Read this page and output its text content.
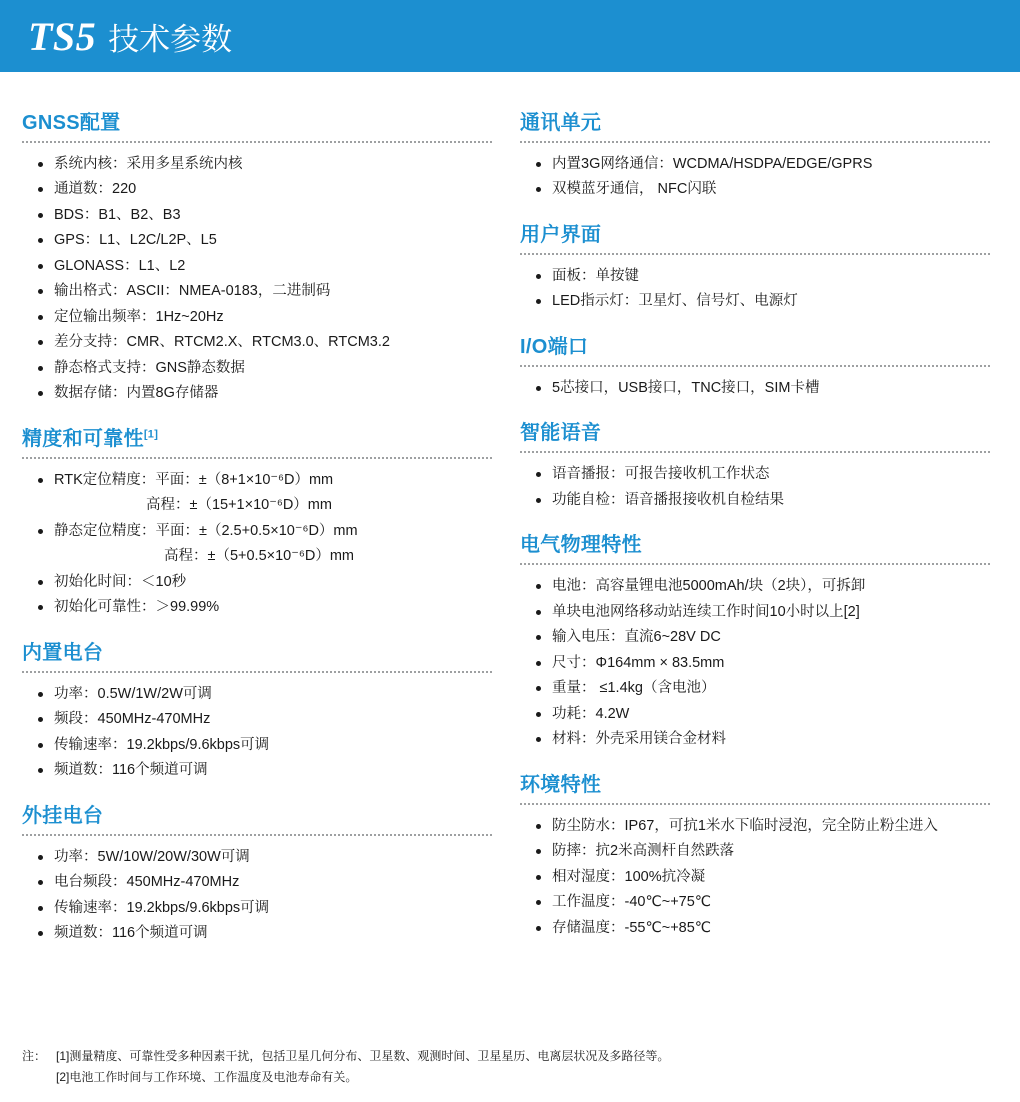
TS5 技术参数
GNSS配置
系统内核：采用多星系统内核
通道数：220
BDS：B1、B2、B3
GPS：L1、L2C/L2P、L5
GLONASS：L1、L2
输出格式：ASCII：NMEA-0183，二进制码
定位输出频率：1Hz~20Hz
差分支持：CMR、RTCM2.X、RTCM3.0、RTCM3.2
静态格式支持：GNS静态数据
数据存储：内置8G存储器
精度和可靠性[1]
RTK定位精度：平面：±（8+1×10⁻⁶D）mm
高程：±（15+1×10⁻⁶D）mm
静态定位精度：平面：±（2.5+0.5×10⁻⁶D）mm
高程：±（5+0.5×10⁻⁶D）mm
初始化时间：＜10秒
初始化可靠性：＞99.99%
内置电台
功率：0.5W/1W/2W可调
频段：450MHz-470MHz
传输速率：19.2kbps/9.6kbps可调
频道数：116个频道可调
外挂电台
功率：5W/10W/20W/30W可调
电台频段：450MHz-470MHz
传输速率：19.2kbps/9.6kbps可调
频道数：116个频道可调
通讯单元
内置3G网络通信：WCDMA/HSDPA/EDGE/GPRS
双模蓝牙通信， NFC闪联
用户界面
面板：单按键
LED指示灯：卫星灯、信号灯、电源灯
I/O端口
5芯接口，USB接口，TNC接口，SIM卡槽
智能语音
语音播报：可报告接收机工作状态
功能自检：语音播报接收机自检结果
电气物理特性
电池：高容量锂电池5000mAh/块（2块），可拆卸
单块电池网络移动站连续工作时间10小时以上[2]
输入电压：直流6~28V DC
尺寸：Φ164mm × 83.5mm
重量： ≤1.4kg（含电池）
功耗：4.2W
材料：外壳采用镁合金材料
环境特性
防尘防水：IP67，可抗1米水下临时浸泡，完全防止粉尘进入
防摔：抗2米高测杆自然跌落
相对湿度：100%抗冷凝
工作温度：-40℃~+75℃
存储温度：-55℃~+85℃
注： [1]测量精度、可靠性受多种因素干扰，包括卫星几何分布、卫星数、观测时间、卫星星历、电离层状况及多路径等。
[2]电池工作时间与工作环境、工作温度及电池寿命有关。
